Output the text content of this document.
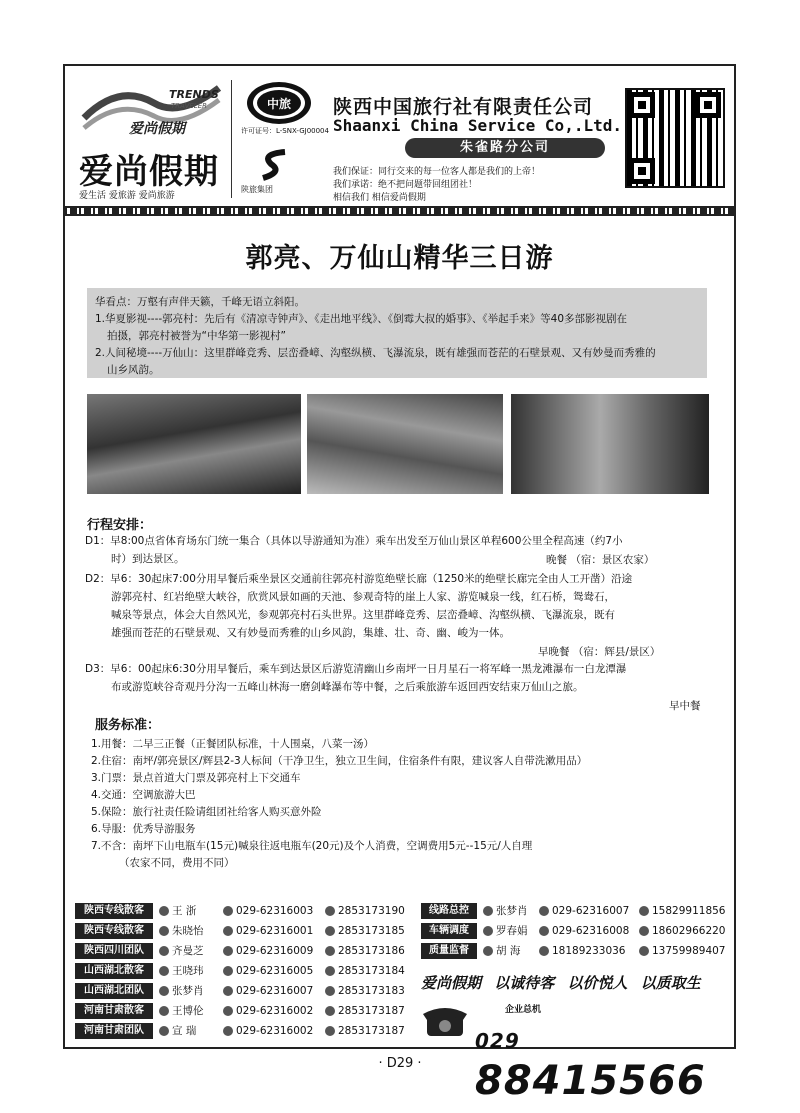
TRENDS
TRAVELER
爱尚假期
爱尚假期
爱生活 爱旅游 爱尚旅游
中旅
许可证号：L-SNX-GJ00004
陕旅集团
陕西中国旅行社有限责任公司
Shaanxi China Service Co,.Ltd.
朱雀路分公司
我们保证：同行交来的每一位客人都是我们的上帝！
我们承诺：绝不把问题带回组团社！
相信我们 相信爱尚假期
郭亮、万仙山精华三日游
华看点：万壑有声伴天籁，千峰无语立斜阳。
1.华夏影视----郭亮村：先后有《清凉寺钟声》、《走出地平线》、《倒霉大叔的婚事》、《举起手来》等40多部影视剧在
拍摄，郭亮村被誉为“中华第一影视村”
2.人间秘境----万仙山：这里群峰竞秀、层峦叠嶂、沟壑纵横、飞瀑流泉，既有雄强而苍茫的石壁景观、又有妙曼而秀雅的
山乡风韵。
行程安排：
D1：早8:00点省体育场东门统一集合（具体以导游通知为准）乘车出发至万仙山景区单程600公里全程高速（约7小
时）到达景区。	晚餐 （宿：景区农家）
D2：早6：30起床7:00分用早餐后乘坐景区交通前往郭亮村游览绝壁长廊（1250米的绝壁长廊完全由人工开凿）沿途
游郭亮村、红岩绝壁大峡谷，欣赏风景如画的天池、参观奇特的崖上人家、游览喊泉一线，红石桥，鸳鸯石，
喊泉等景点，体会大自然风光，参观郭亮村石头世界。这里群峰竞秀、层峦叠嶂、沟壑纵横、飞瀑流泉，既有
雄强而苍茫的石壁景观、又有妙曼而秀雅的山乡风韵，集雄、壮、奇、幽、峻为一体。
早晚餐 （宿：辉县/景区）
D3：早6：00起床6:30分用早餐后，乘车到达景区后游览清幽山乡南坪一日月星石一将军峰一黑龙滩瀑布一白龙潭瀑
布或游览峡谷奇观丹分沟一五峰山林海一磨剑峰瀑布等中餐，之后乘旅游车返回西安结束万仙山之旅。
早中餐
服务标准：
1.用餐：二早三正餐（正餐团队标准，十人围桌，八菜一汤）
2.住宿：南坪/郭亮景区/辉县2-3人标间（干净卫生，独立卫生间，住宿条件有限，建议客人自带洗漱用品）
3.门票：景点首道大门票及郭亮村上下交通车
4.交通：空调旅游大巴
5.保险：旅行社责任险请组团社给客人购买意外险
6.导服：优秀导游服务
7.不含：南坪下山电瓶车(15元)喊泉往返电瓶车(20元)及个人消费，空调费用5元--15元/人自理
（农家不同，费用不同）
陕西专线散客	王 浙	029-62316003	2853173190
陕西专线散客	朱晓怡	029-62316001	2853173185
陕西四川团队	齐曼芝	029-62316009	2853173186
山西湖北散客	王哓玮	029-62316005	2853173184
山西湖北团队	张梦肖	029-62316007	2853173183
河南甘肃散客	王博伦	029-62316002	2853173187
河南甘肃团队	宣 瑞	029-62316002	2853173187
线路总控	张梦肖	029-62316007	15829911856
车辆调度	罗春娟	029-62316008	18602966220
质量监督	胡 海	18189233036	13759989407
爱尚假期 以诚待客 以价悦人 以质取生
企业总机
029 88415566
· D29 ·
